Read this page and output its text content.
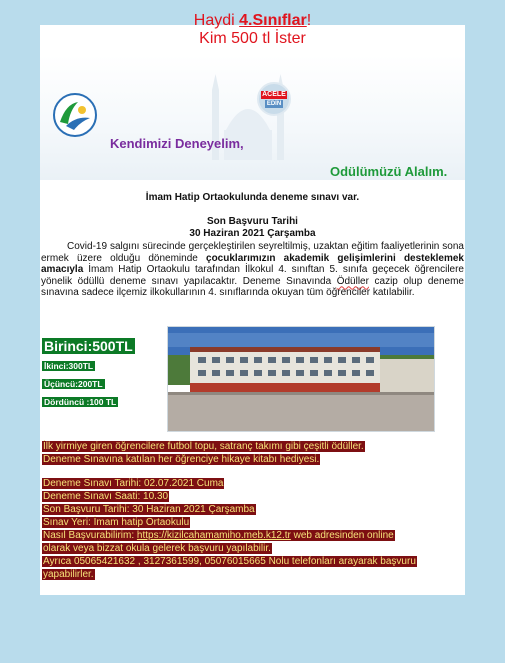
Haydi 4.Sınıflar!
Kim 500 tl İster
ACELE
EDİN
Kendimizi Deneyelim,
Odülümüzü Alalım.
İmam Hatip Ortaokulunda deneme sınavı var.
Son Başvuru Tarihi
30 Haziran 2021 Çarşamba
Covid-19 salgını sürecinde gerçekleştirilen seyreltilmiş, uzaktan eğitim faaliyetlerinin sona ermek üzere olduğu döneminde çocuklarımızın akademik gelişimlerini desteklemek amacıyla İmam Hatip Ortaokulu tarafından İlkokul 4. sınıftan 5. sınıfa geçecek öğrencilere yönelik ödüllü deneme sınavı yapılacaktır. Deneme Sınavında Ödüller cazip olup deneme sınavına sadece ilçemiz ilkokullarının 4. sınıflarında okuyan tüm öğrenciler katılabilir.
Birinci:500TL
İkinci:300TL
Üçüncü:200TL
Dördüncü :100 TL
İlk yirmiye giren öğrencilere futbol topu, satranç takımı gibi çeşitli ödüller.
Deneme Sınavına katılan her öğrenciye hikaye kitabı hediyesi.
Deneme Sınavı Tarihi: 02.07.2021 Cuma
Deneme Sınavı Saati: 10.30
Son Başvuru Tarihi: 30 Haziran 2021 Çarşamba
Sınav Yeri: İmam hatip Ortaokulu
Nasıl Başvurabilirim: https://kizilcahamamiho.meb.k12.tr web adresinden online
olarak veya bizzat okula gelerek başvuru yapılabilir.
Ayrıca 05065421632 , 3127361599, 05076015665 Nolu telefonları arayarak başvuru
yapabilirler.
